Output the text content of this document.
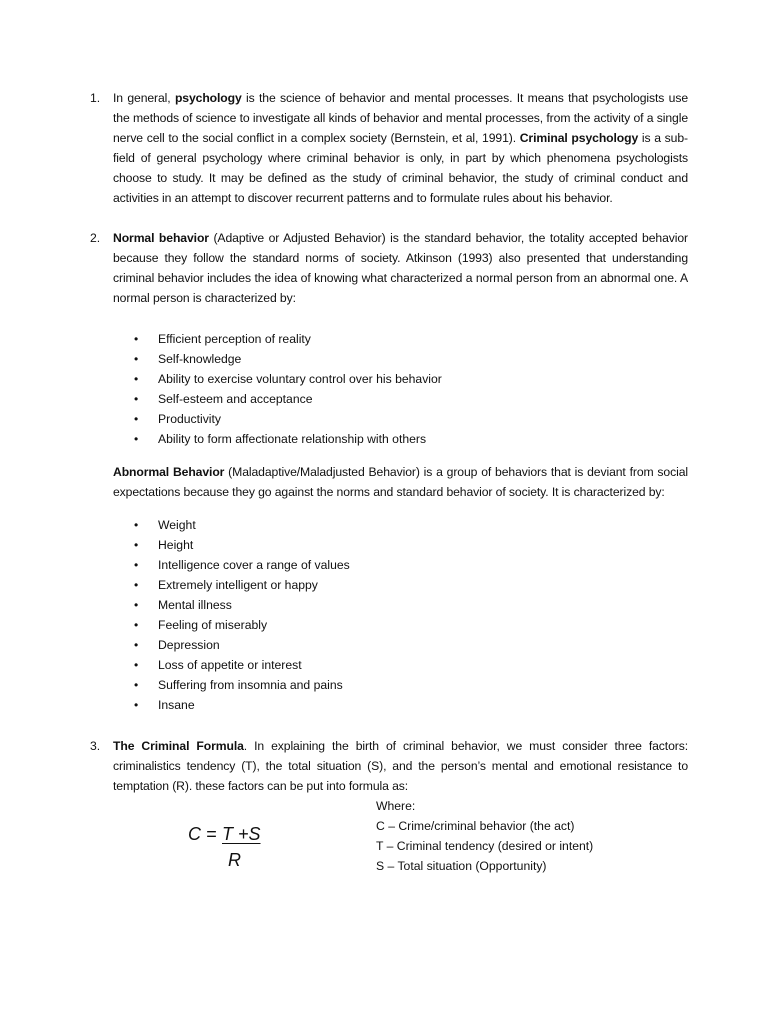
1. In general, psychology is the science of behavior and mental processes. It means that psychologists use the methods of science to investigate all kinds of behavior and mental processes, from the activity of a single nerve cell to the social conflict in a complex society (Bernstein, et al, 1991). Criminal psychology is a sub-field of general psychology where criminal behavior is only, in part by which phenomena psychologists choose to study. It may be defined as the study of criminal behavior, the study of criminal conduct and activities in an attempt to discover recurrent patterns and to formulate rules about his behavior.

2. Normal behavior (Adaptive or Adjusted Behavior) is the standard behavior, the totality accepted behavior because they follow the standard norms of society. Atkinson (1993) also presented that understanding criminal behavior includes the idea of knowing what characterized a normal person from an abnormal one. A normal person is characterized by:

• Efficient perception of reality
• Self-knowledge
• Ability to exercise voluntary control over his behavior
• Self-esteem and acceptance
• Productivity
• Ability to form affectionate relationship with others

Abnormal Behavior (Maladaptive/Maladjusted Behavior) is a group of behaviors that is deviant from social expectations because they go against the norms and standard behavior of society. It is characterized by:

• Weight
• Height
• Intelligence cover a range of values
• Extremely intelligent or happy
• Mental illness
• Feeling of miserably
• Depression
• Loss of appetite or interest
• Suffering from insomnia and pains
• Insane
3. The Criminal Formula. In explaining the birth of criminal behavior, we must consider three factors: criminalistics tendency (T), the total situation (S), and the person’s mental and emotional resistance to temptation (R). these factors can be put into formula as:

C = T +S
R
Where:
C – Crime/criminal behavior (the act)
T – Criminal tendency (desired or intent)
S – Total situation (Opportunity)
